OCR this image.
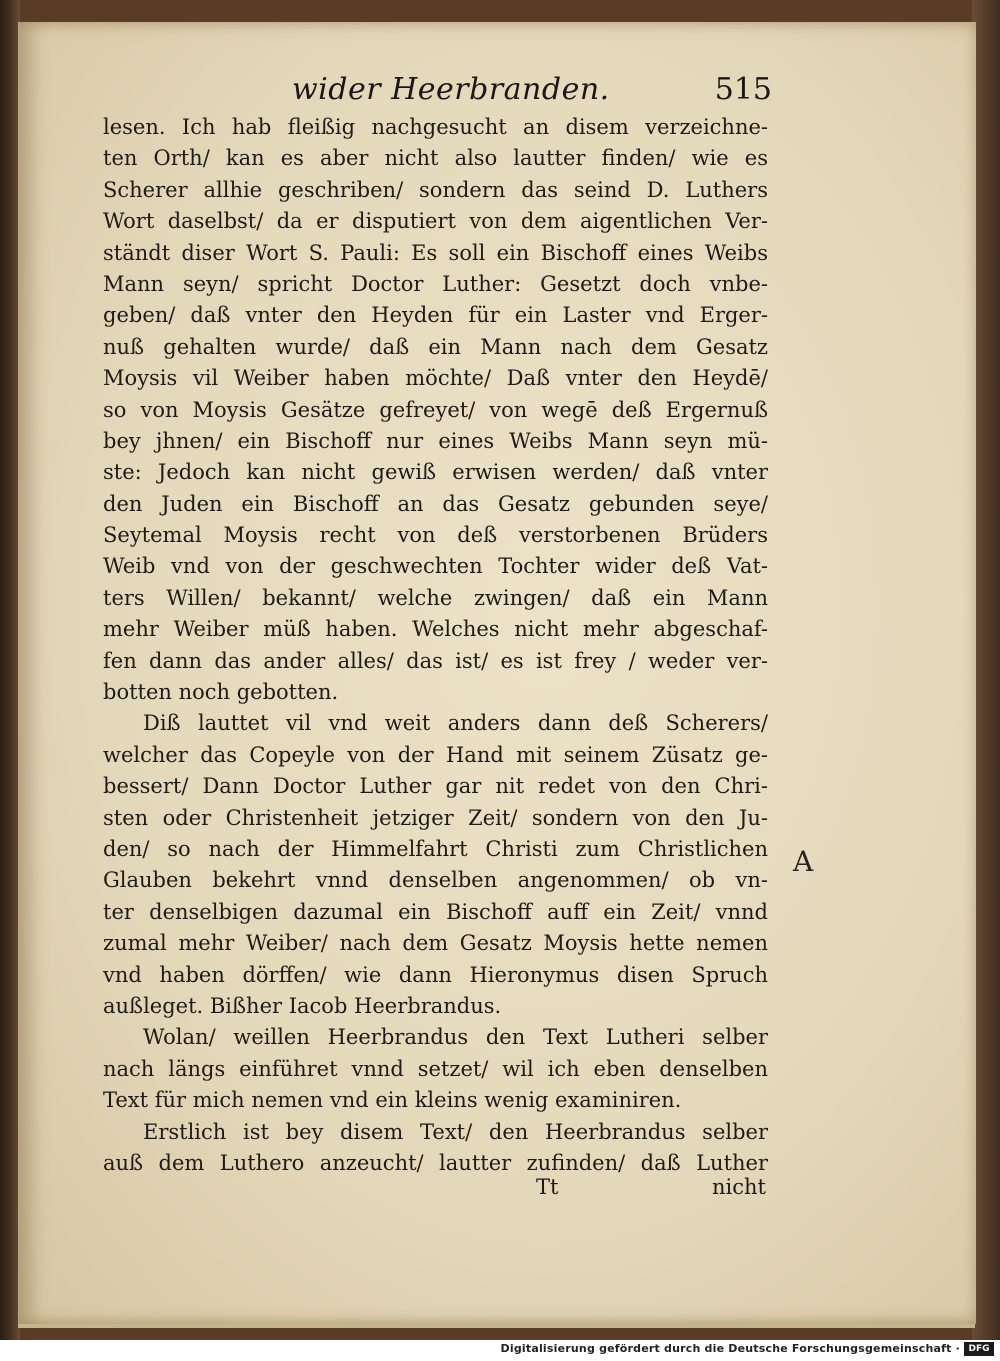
wider Heerbranden.	515
lesen. Ich hab fleißig nachgesucht an disem verzeichne-
ten Orth/ kan es aber nicht also lautter finden/ wie es
Scherer allhie geschriben/ sondern das seind D. Luthers
Wort daselbst/ da er disputiert von dem aigentlichen Ver-
ständt diser Wort S. Pauli: Es soll ein Bischoff eines Weibs
Mann seyn/ spricht Doctor Luther: Gesetzt doch vnbe-
geben/ daß vnter den Heyden für ein Laster vnd Erger-
nuß gehalten wurde/ daß ein Mann nach dem Gesatz
Moysis vil Weiber haben möchte/ Daß vnter den Heydē/
so von Moysis Gesätze gefreyet/ von wegē deß Ergernuß
bey jhnen/ ein Bischoff nur eines Weibs Mann seyn mü-
ste: Jedoch kan nicht gewiß erwisen werden/ daß vnter
den Juden ein Bischoff an das Gesatz gebunden seye/
Seytemal Moysis recht von deß verstorbenen Brüders
Weib vnd von der geschwechten Tochter wider deß Vat-
ters Willen/ bekannt/ welche zwingen/ daß ein Mann
mehr Weiber müß haben. Welches nicht mehr abgeschaf-
fen dann das ander alles/ das ist/ es ist frey / weder ver-
botten noch gebotten.
Diß lauttet vil vnd weit anders dann deß Scherers/
welcher das Copeyle von der Hand mit seinem Züsatz ge-
bessert/ Dann Doctor Luther gar nit redet von den Chri-
sten oder Christenheit jetziger Zeit/ sondern von den Ju-
den/ so nach der Himmelfahrt Christi zum Christlichen
Glauben bekehrt vnnd denselben angenommen/ ob vn-
ter denselbigen dazumal ein Bischoff auff ein Zeit/ vnnd
zumal mehr Weiber/ nach dem Gesatz Moysis hette nemen
vnd haben dörffen/ wie dann Hieronymus disen Spruch
außleget. Bißher Iacob Heerbrandus.
Wolan/ weillen Heerbrandus den Text Lutheri selber
nach längs einführet vnnd setzet/ wil ich eben denselben
Text für mich nemen vnd ein kleins wenig examiniren.
Erstlich ist bey disem Text/ den Heerbrandus selber
auß dem Luthero anzeucht/ lautter zufinden/ daß Luther
A
Tt	nicht
Digitalisierung gefördert durch die Deutsche Forschungsgemeinschaft · DFG
